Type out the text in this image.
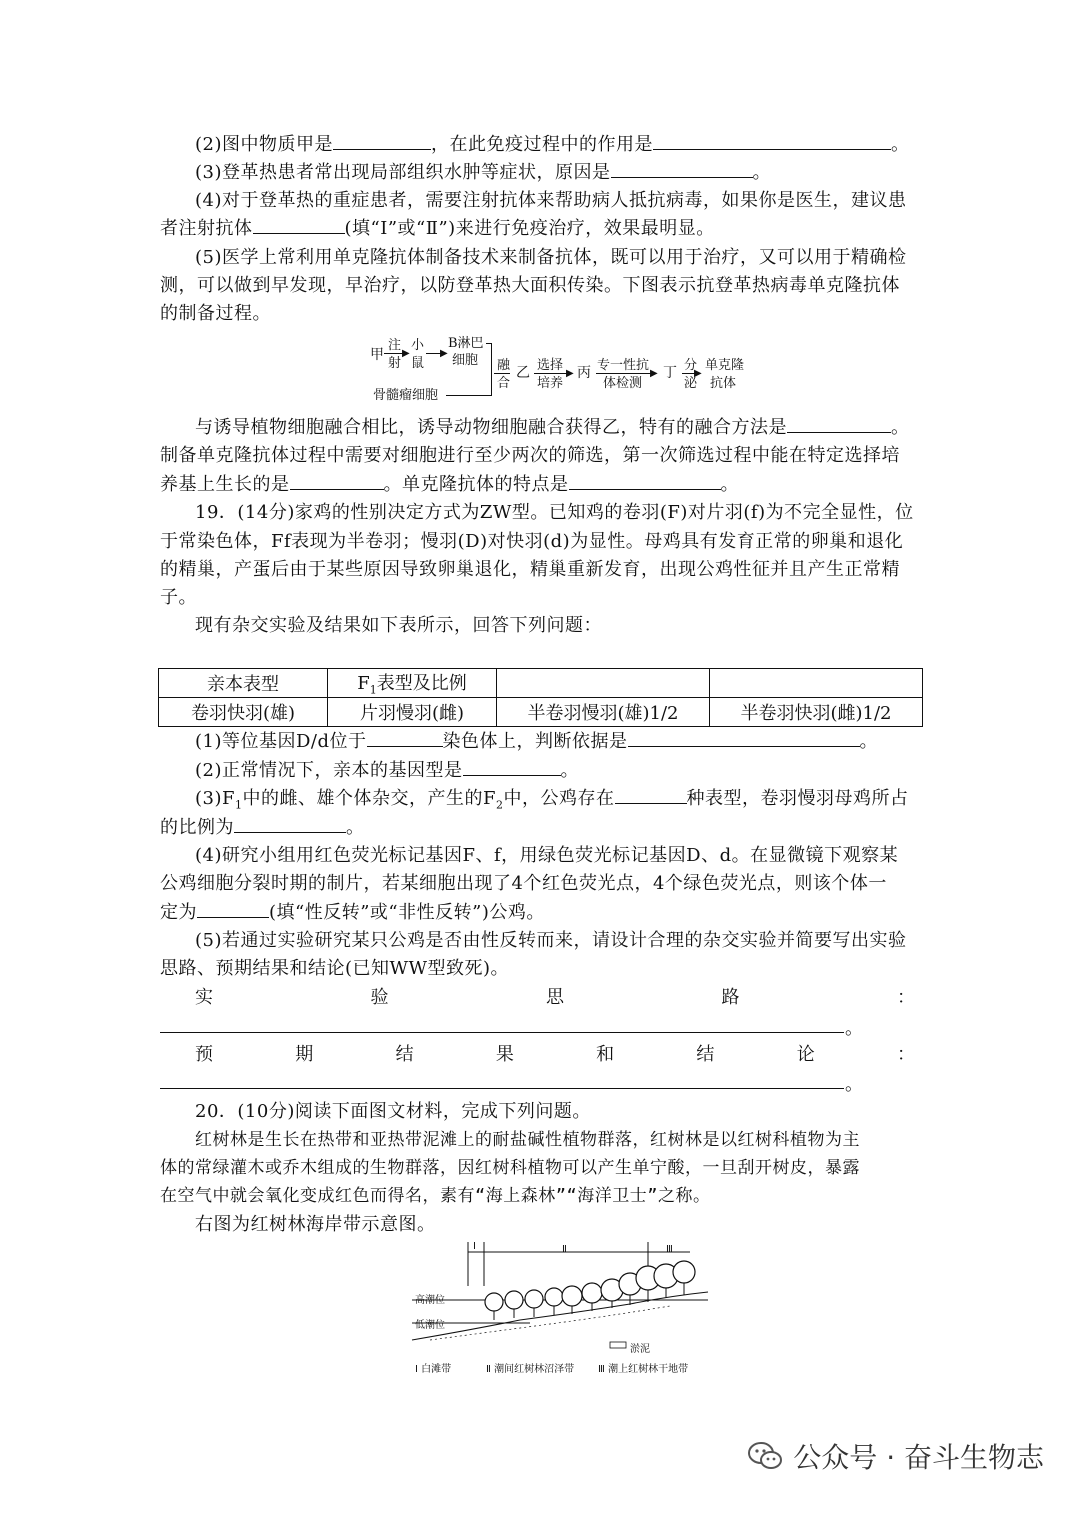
(2)图中物质甲是	，在此免疫过程中的作用是	。
(3)登革热患者常出现局部组织水肿等症状，原因是	。
(4)对于登革热的重症患者，需要注射抗体来帮助病人抵抗病毒，如果你是医生，建议患
者注射抗体	(填“Ⅰ”或“Ⅱ”)来进行免疫治疗，效果最明显。
(5)医学上常利用单克隆抗体制备技术来制备抗体，既可以用于治疗，又可以用于精确检
测，可以做到早发现，早治疗，以防登革热大面积传染。下图表示抗登革热病毒单克隆抗体
的制备过程。
甲
注
▶
射
小
▶
鼠
B淋巴
细胞
骨髓瘤细胞
融
合
乙 选择
▶
培养
丙 专一性抗
▶
体检测
丁 分
▶
泌
单克隆
抗体
与诱导植物细胞融合相比，诱导动物细胞融合获得乙，特有的融合方法是	。
制备单克隆抗体过程中需要对细胞进行至少两次的筛选，第一次筛选过程中能在特定选择培
养基上生长的是	。单克隆抗体的特点是	。
19．(14分)家鸡的性别决定方式为ZW型。已知鸡的卷羽(F)对片羽(f)为不完全显性，位
于常染色体，Ff表现为半卷羽；慢羽(D)对快羽(d)为显性。母鸡具有发育正常的卵巢和退化
的精巢，产蛋后由于某些原因导致卵巢退化，精巢重新发育，出现公鸡性征并且产生正常精
子。
现有杂交实验及结果如下表所示，回答下列问题：
亲本表型	$F_1$表型及比例		
卷羽快羽(雄)	片羽慢羽(雌)	半卷羽慢羽(雄)1/2	半卷羽快羽(雌)1/2
(1)等位基因D/d位于	染色体上，判断依据是	。
(2)正常情况下，亲本的基因型是	。
$(3)F_1$中的雌、雄个体杂交，产生的$F_2$中，公鸡存在	种表型，卷羽慢羽母鸡所占
的比例为	。
(4)研究小组用红色荧光标记基因F、f，用绿色荧光标记基因D、d。在显微镜下观察某
公鸡细胞分裂时期的制片，若某细胞出现了4个红色荧光点，4个绿色荧光点，则该个体一
定为	(填“性反转”或“非性反转”)公鸡。
(5)若通过实验研究某只公鸡是否由性反转而来，请设计合理的杂交实验并简要写出实验
思路、预期结果和结论(已知WW型致死)。
实	验	思	路	：
。
预	期	结	果	和	结	论	：
。
20．(10分)阅读下面图文材料，完成下列问题。
红树林是生长在热带和亚热带泥滩上的耐盐碱性植物群落，红树林是以红树科植物为主
体的常绿灌木或乔木组成的生物群落，因红树科植物可以产生单宁酸，一旦刮开树皮，暴露
在空气中就会氧化变成红色而得名，素有“海上森林”“海洋卫士”之称。
右图为红树林海岸带示意图。
Ⅰ	Ⅱ	Ⅲ
高潮位
低潮位
淤泥
Ⅰ 白滩带	Ⅱ 潮间红树林沼泽带 Ⅲ 潮上红树林干地带
公众号 · 奋斗生物志
